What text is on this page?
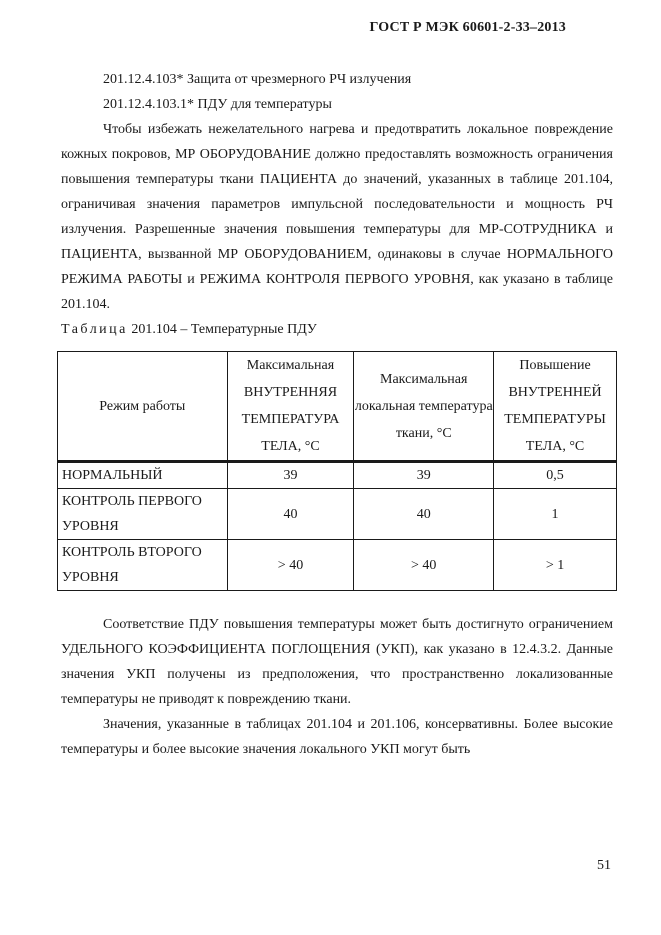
ГОСТ Р МЭК 60601-2-33–2013

201.12.4.103* Защита от чрезмерного РЧ излучения

201.12.4.103.1* ПДУ для температуры

Чтобы избежать нежелательного нагрева и предотвратить локальное повреждение кожных покровов, МР ОБОРУДОВАНИЕ должно предоставлять возможность ограничения повышения температуры ткани ПАЦИЕНТА до значений, указанных в таблице 201.104, ограничивая значения параметров импульсной последовательности и мощность РЧ излучения. Разрешенные значения повышения температуры для МР-СОТРУДНИКА и ПАЦИЕНТА, вызванной МР ОБОРУДОВАНИЕМ, одинаковы в случае НОРМАЛЬНОГО РЕЖИМА РАБОТЫ и РЕЖИМА КОНТРОЛЯ ПЕРВОГО УРОВНЯ, как указано в таблице 201.104.

Таблица 201.104 – Температурные ПДУ

Режим работы	Максимальная ВНУТРЕННЯЯ ТЕМПЕРАТУРА ТЕЛА, °С	Максимальная локальная температура ткани, °С	Повышение ВНУТРЕННЕЙ ТЕМПЕРАТУРЫ ТЕЛА, °С
НОРМАЛЬНЫЙ	39	39	0,5
КОНТРОЛЬ ПЕРВОГО УРОВНЯ	40	40	1
КОНТРОЛЬ ВТОРОГО УРОВНЯ	> 40	> 40	> 1

Соответствие ПДУ повышения температуры может быть достигнуто ограничением УДЕЛЬНОГО КОЭФФИЦИЕНТА ПОГЛОЩЕНИЯ (УКП), как указано в 12.4.3.2. Данные значения УКП получены из предположения, что пространственно локализованные температуры не приводят к повреждению ткани.

Значения, указанные в таблицах 201.104 и 201.106, консервативны. Более высокие температуры и более высокие значения локального УКП могут быть

51
